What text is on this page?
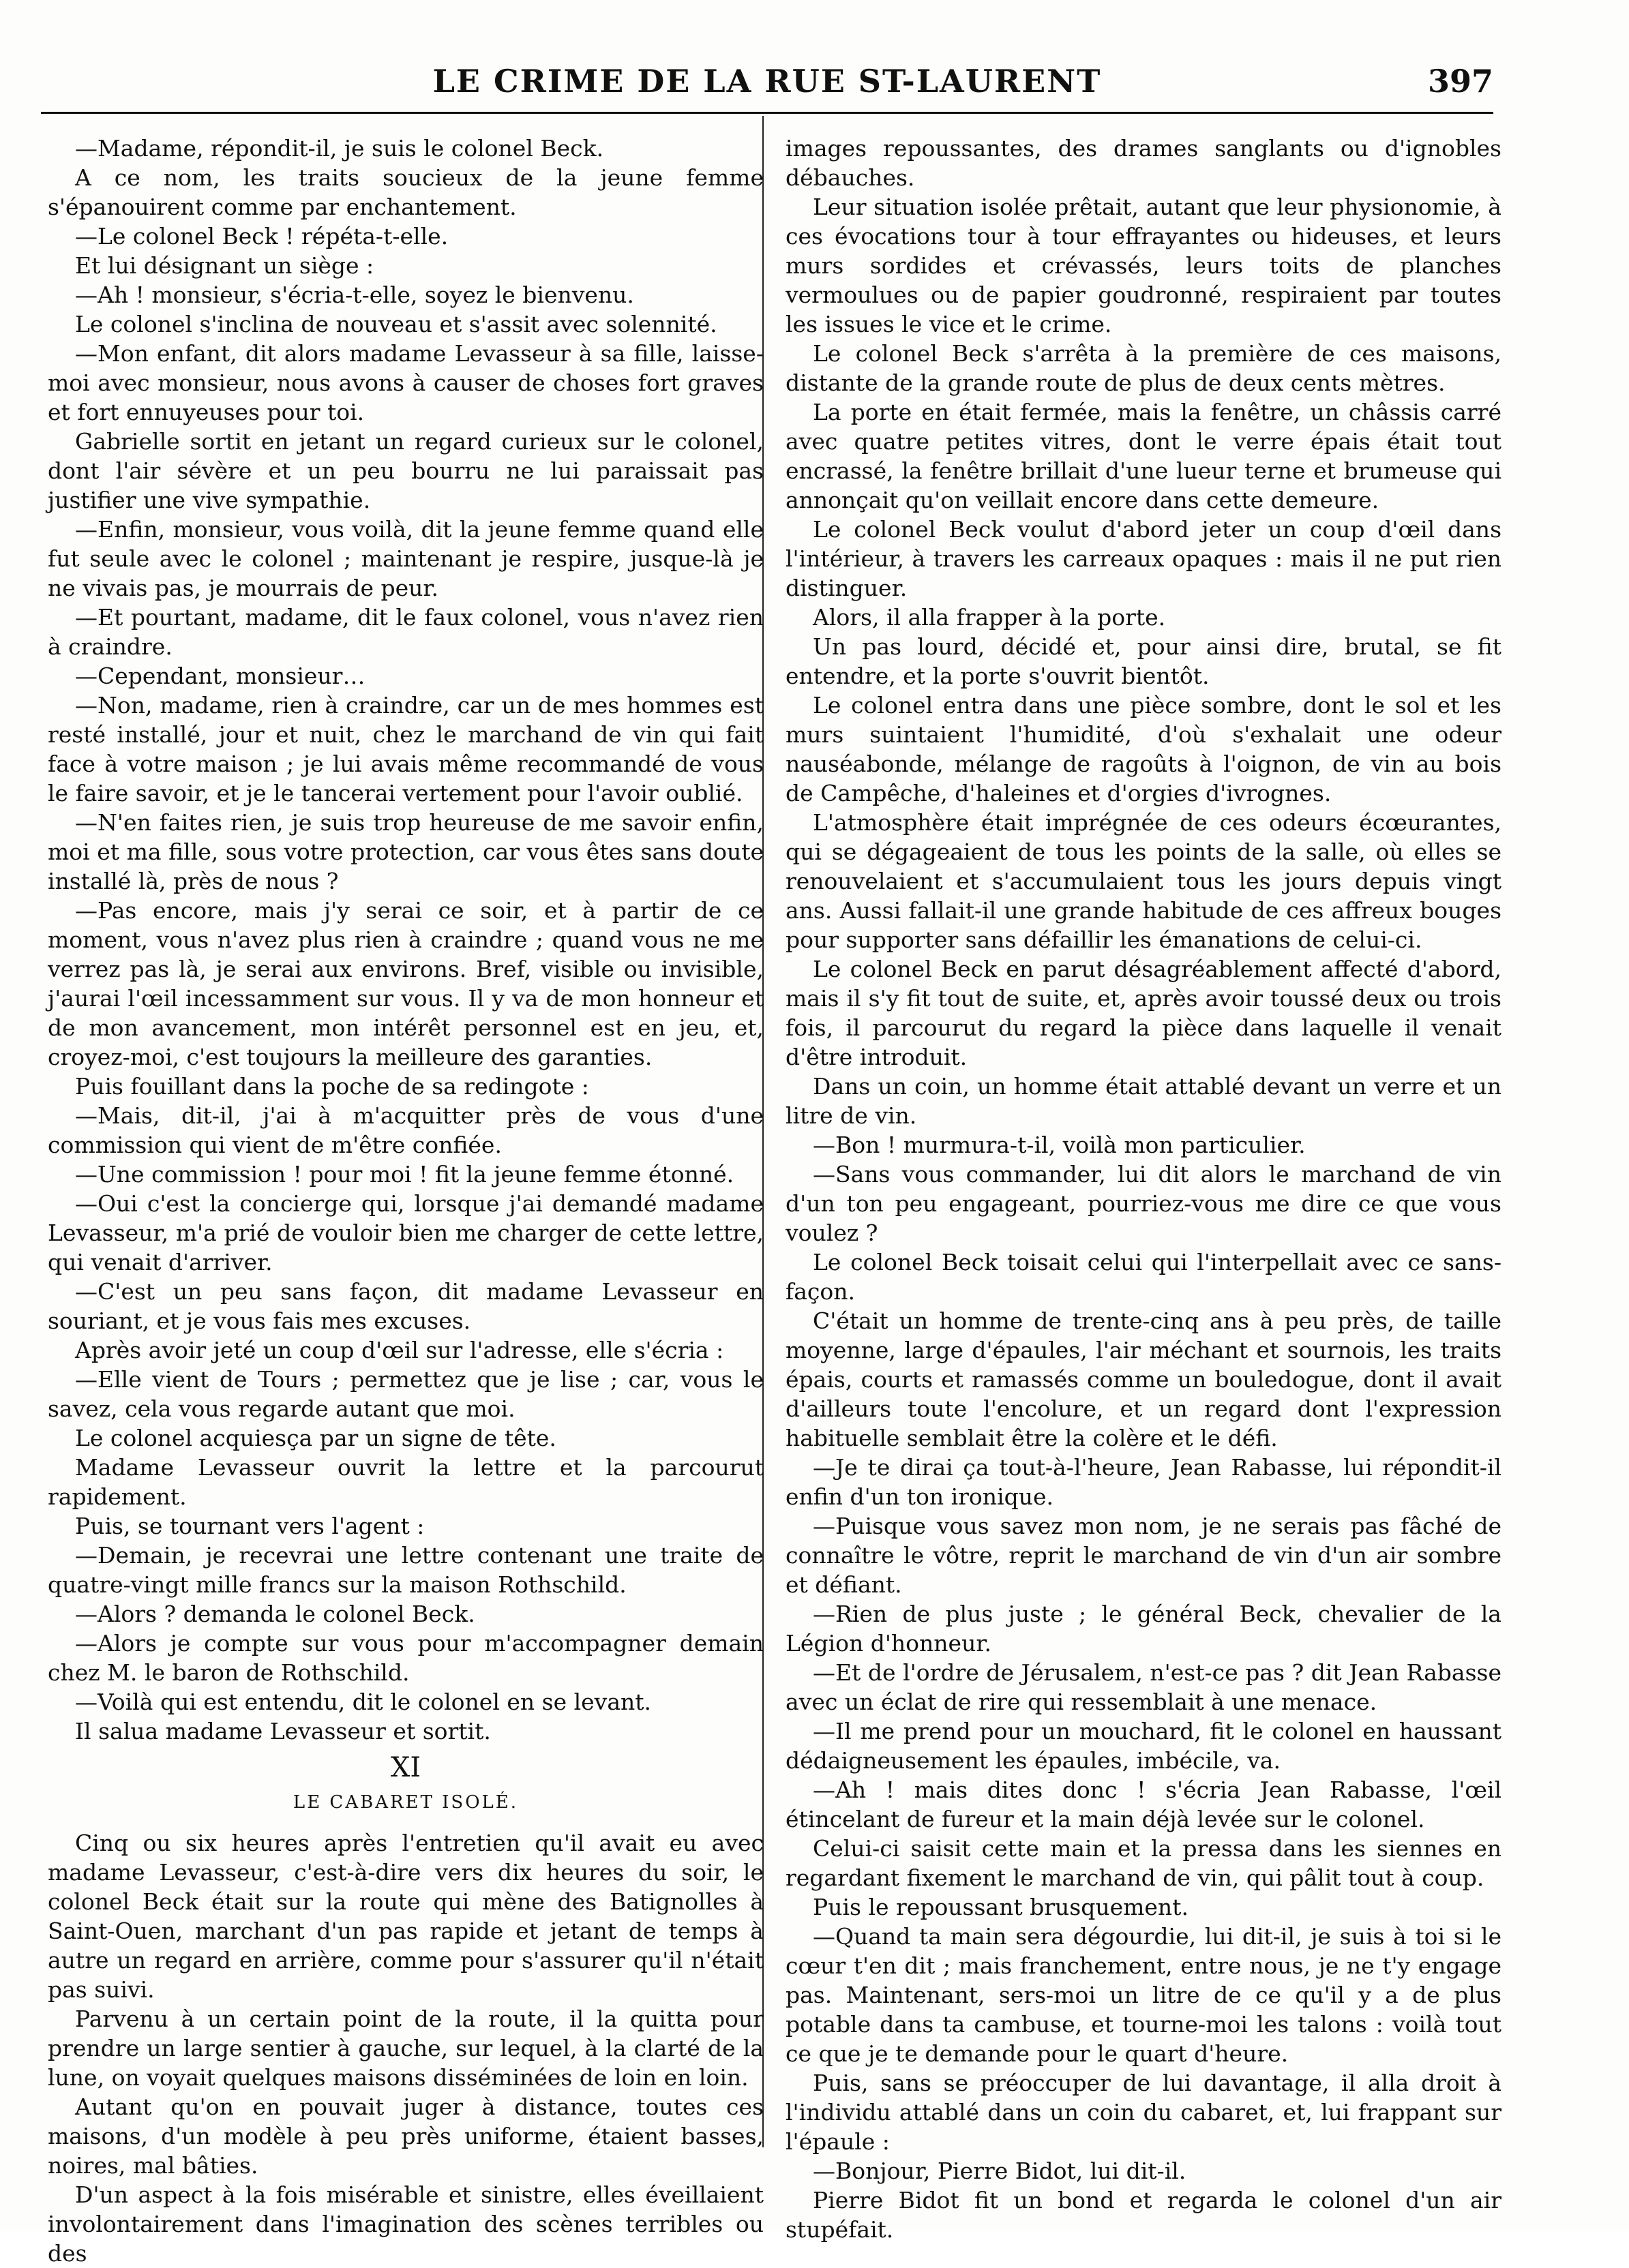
LE CRIME DE LA RUE ST-LAURENT	397

—Madame, répondit-il, je suis le colonel Beck.

A ce nom, les traits soucieux de la jeune femme s'épanouirent comme par enchantement.

—Le colonel Beck ! répéta-t-elle.

Et lui désignant un siège :

—Ah ! monsieur, s'écria-t-elle, soyez le bienvenu.

Le colonel s'inclina de nouveau et s'assit avec solennité.

—Mon enfant, dit alors madame Levasseur à sa fille, laisse-moi avec monsieur, nous avons à causer de choses fort graves et fort ennuyeuses pour toi.

Gabrielle sortit en jetant un regard curieux sur le colonel, dont l'air sévère et un peu bourru ne lui paraissait pas justifier une vive sympathie.

—Enfin, monsieur, vous voilà, dit la jeune femme quand elle fut seule avec le colonel ; maintenant je respire, jusque-là je ne vivais pas, je mourrais de peur.

—Et pourtant, madame, dit le faux colonel, vous n'avez rien à craindre.

—Cependant, monsieur…

—Non, madame, rien à craindre, car un de mes hommes est resté installé, jour et nuit, chez le marchand de vin qui fait face à votre maison ; je lui avais même recommandé de vous le faire savoir, et je le tancerai vertement pour l'avoir oublié.

—N'en faites rien, je suis trop heureuse de me savoir enfin, moi et ma fille, sous votre protection, car vous êtes sans doute installé là, près de nous ?

—Pas encore, mais j'y serai ce soir, et à partir de ce moment, vous n'avez plus rien à craindre ; quand vous ne me verrez pas là, je serai aux environs. Bref, visible ou invisible, j'aurai l'œil incessamment sur vous. Il y va de mon honneur et de mon avancement, mon intérêt personnel est en jeu, et, croyez-moi, c'est toujours la meilleure des garanties.

Puis fouillant dans la poche de sa redingote :

—Mais, dit-il, j'ai à m'acquitter près de vous d'une commission qui vient de m'être confiée.

—Une commission ! pour moi ! fit la jeune femme étonné.

—Oui c'est la concierge qui, lorsque j'ai demandé madame Levasseur, m'a prié de vouloir bien me charger de cette lettre, qui venait d'arriver.

—C'est un peu sans façon, dit madame Levasseur en souriant, et je vous fais mes excuses.

Après avoir jeté un coup d'œil sur l'adresse, elle s'écria :

—Elle vient de Tours ; permettez que je lise ; car, vous le savez, cela vous regarde autant que moi.

Le colonel acquiesça par un signe de tête.

Madame Levasseur ouvrit la lettre et la parcourut rapidement.

Puis, se tournant vers l'agent :

—Demain, je recevrai une lettre contenant une traite de quatre-vingt mille francs sur la maison Rothschild.

—Alors ? demanda le colonel Beck.

—Alors je compte sur vous pour m'accompagner demain chez M. le baron de Rothschild.

—Voilà qui est entendu, dit le colonel en se levant.

Il salua madame Levasseur et sortit.

XI
LE CABARET ISOLÉ.

Cinq ou six heures après l'entretien qu'il avait eu avec madame Levasseur, c'est-à-dire vers dix heures du soir, le colonel Beck était sur la route qui mène des Batignolles à Saint-Ouen, marchant d'un pas rapide et jetant de temps à autre un regard en arrière, comme pour s'assurer qu'il n'était pas suivi.

Parvenu à un certain point de la route, il la quitta pour prendre un large sentier à gauche, sur lequel, à la clarté de la lune, on voyait quelques maisons disséminées de loin en loin.

Autant qu'on en pouvait juger à distance, toutes ces maisons, d'un modèle à peu près uniforme, étaient basses, noires, mal bâties.

D'un aspect à la fois misérable et sinistre, elles éveillaient involontairement dans l'imagination des scènes terribles ou des

images repoussantes, des drames sanglants ou d'ignobles débauches.

Leur situation isolée prêtait, autant que leur physionomie, à ces évocations tour à tour effrayantes ou hideuses, et leurs murs sordides et crévassés, leurs toits de planches vermoulues ou de papier goudronné, respiraient par toutes les issues le vice et le crime.

Le colonel Beck s'arrêta à la première de ces maisons, distante de la grande route de plus de deux cents mètres.

La porte en était fermée, mais la fenêtre, un châssis carré avec quatre petites vitres, dont le verre épais était tout encrassé, la fenêtre brillait d'une lueur terne et brumeuse qui annonçait qu'on veillait encore dans cette demeure.

Le colonel Beck voulut d'abord jeter un coup d'œil dans l'intérieur, à travers les carreaux opaques : mais il ne put rien distinguer.

Alors, il alla frapper à la porte.

Un pas lourd, décidé et, pour ainsi dire, brutal, se fit entendre, et la porte s'ouvrit bientôt.

Le colonel entra dans une pièce sombre, dont le sol et les murs suintaient l'humidité, d'où s'exhalait une odeur nauséabonde, mélange de ragoûts à l'oignon, de vin au bois de Campêche, d'haleines et d'orgies d'ivrognes.

L'atmosphère était imprégnée de ces odeurs écœurantes, qui se dégageaient de tous les points de la salle, où elles se renouvelaient et s'accumulaient tous les jours depuis vingt ans. Aussi fallait-il une grande habitude de ces affreux bouges pour supporter sans défaillir les émanations de celui-ci.

Le colonel Beck en parut désagréablement affecté d'abord, mais il s'y fit tout de suite, et, après avoir toussé deux ou trois fois, il parcourut du regard la pièce dans laquelle il venait d'être introduit.

Dans un coin, un homme était attablé devant un verre et un litre de vin.

—Bon ! murmura-t-il, voilà mon particulier.

—Sans vous commander, lui dit alors le marchand de vin d'un ton peu engageant, pourriez-vous me dire ce que vous voulez ?

Le colonel Beck toisait celui qui l'interpellait avec ce sans-façon.

C'était un homme de trente-cinq ans à peu près, de taille moyenne, large d'épaules, l'air méchant et sournois, les traits épais, courts et ramassés comme un bouledogue, dont il avait d'ailleurs toute l'encolure, et un regard dont l'expression habituelle semblait être la colère et le défi.

—Je te dirai ça tout-à-l'heure, Jean Rabasse, lui répondit-il enfin d'un ton ironique.

—Puisque vous savez mon nom, je ne serais pas fâché de connaître le vôtre, reprit le marchand de vin d'un air sombre et défiant.

—Rien de plus juste ; le général Beck, chevalier de la Légion d'honneur.

—Et de l'ordre de Jérusalem, n'est-ce pas ? dit Jean Rabasse avec un éclat de rire qui ressemblait à une menace.

—Il me prend pour un mouchard, fit le colonel en haussant dédaigneusement les épaules, imbécile, va.

—Ah ! mais dites donc ! s'écria Jean Rabasse, l'œil étincelant de fureur et la main déjà levée sur le colonel.

Celui-ci saisit cette main et la pressa dans les siennes en regardant fixement le marchand de vin, qui pâlit tout à coup.

Puis le repoussant brusquement.

—Quand ta main sera dégourdie, lui dit-il, je suis à toi si le cœur t'en dit ; mais franchement, entre nous, je ne t'y engage pas. Maintenant, sers-moi un litre de ce qu'il y a de plus potable dans ta cambuse, et tourne-moi les talons : voilà tout ce que je te demande pour le quart d'heure.

Puis, sans se préoccuper de lui davantage, il alla droit à l'individu attablé dans un coin du cabaret, et, lui frappant sur l'épaule :

—Bonjour, Pierre Bidot, lui dit-il.

Pierre Bidot fit un bond et regarda le colonel d'un air stupéfait.
